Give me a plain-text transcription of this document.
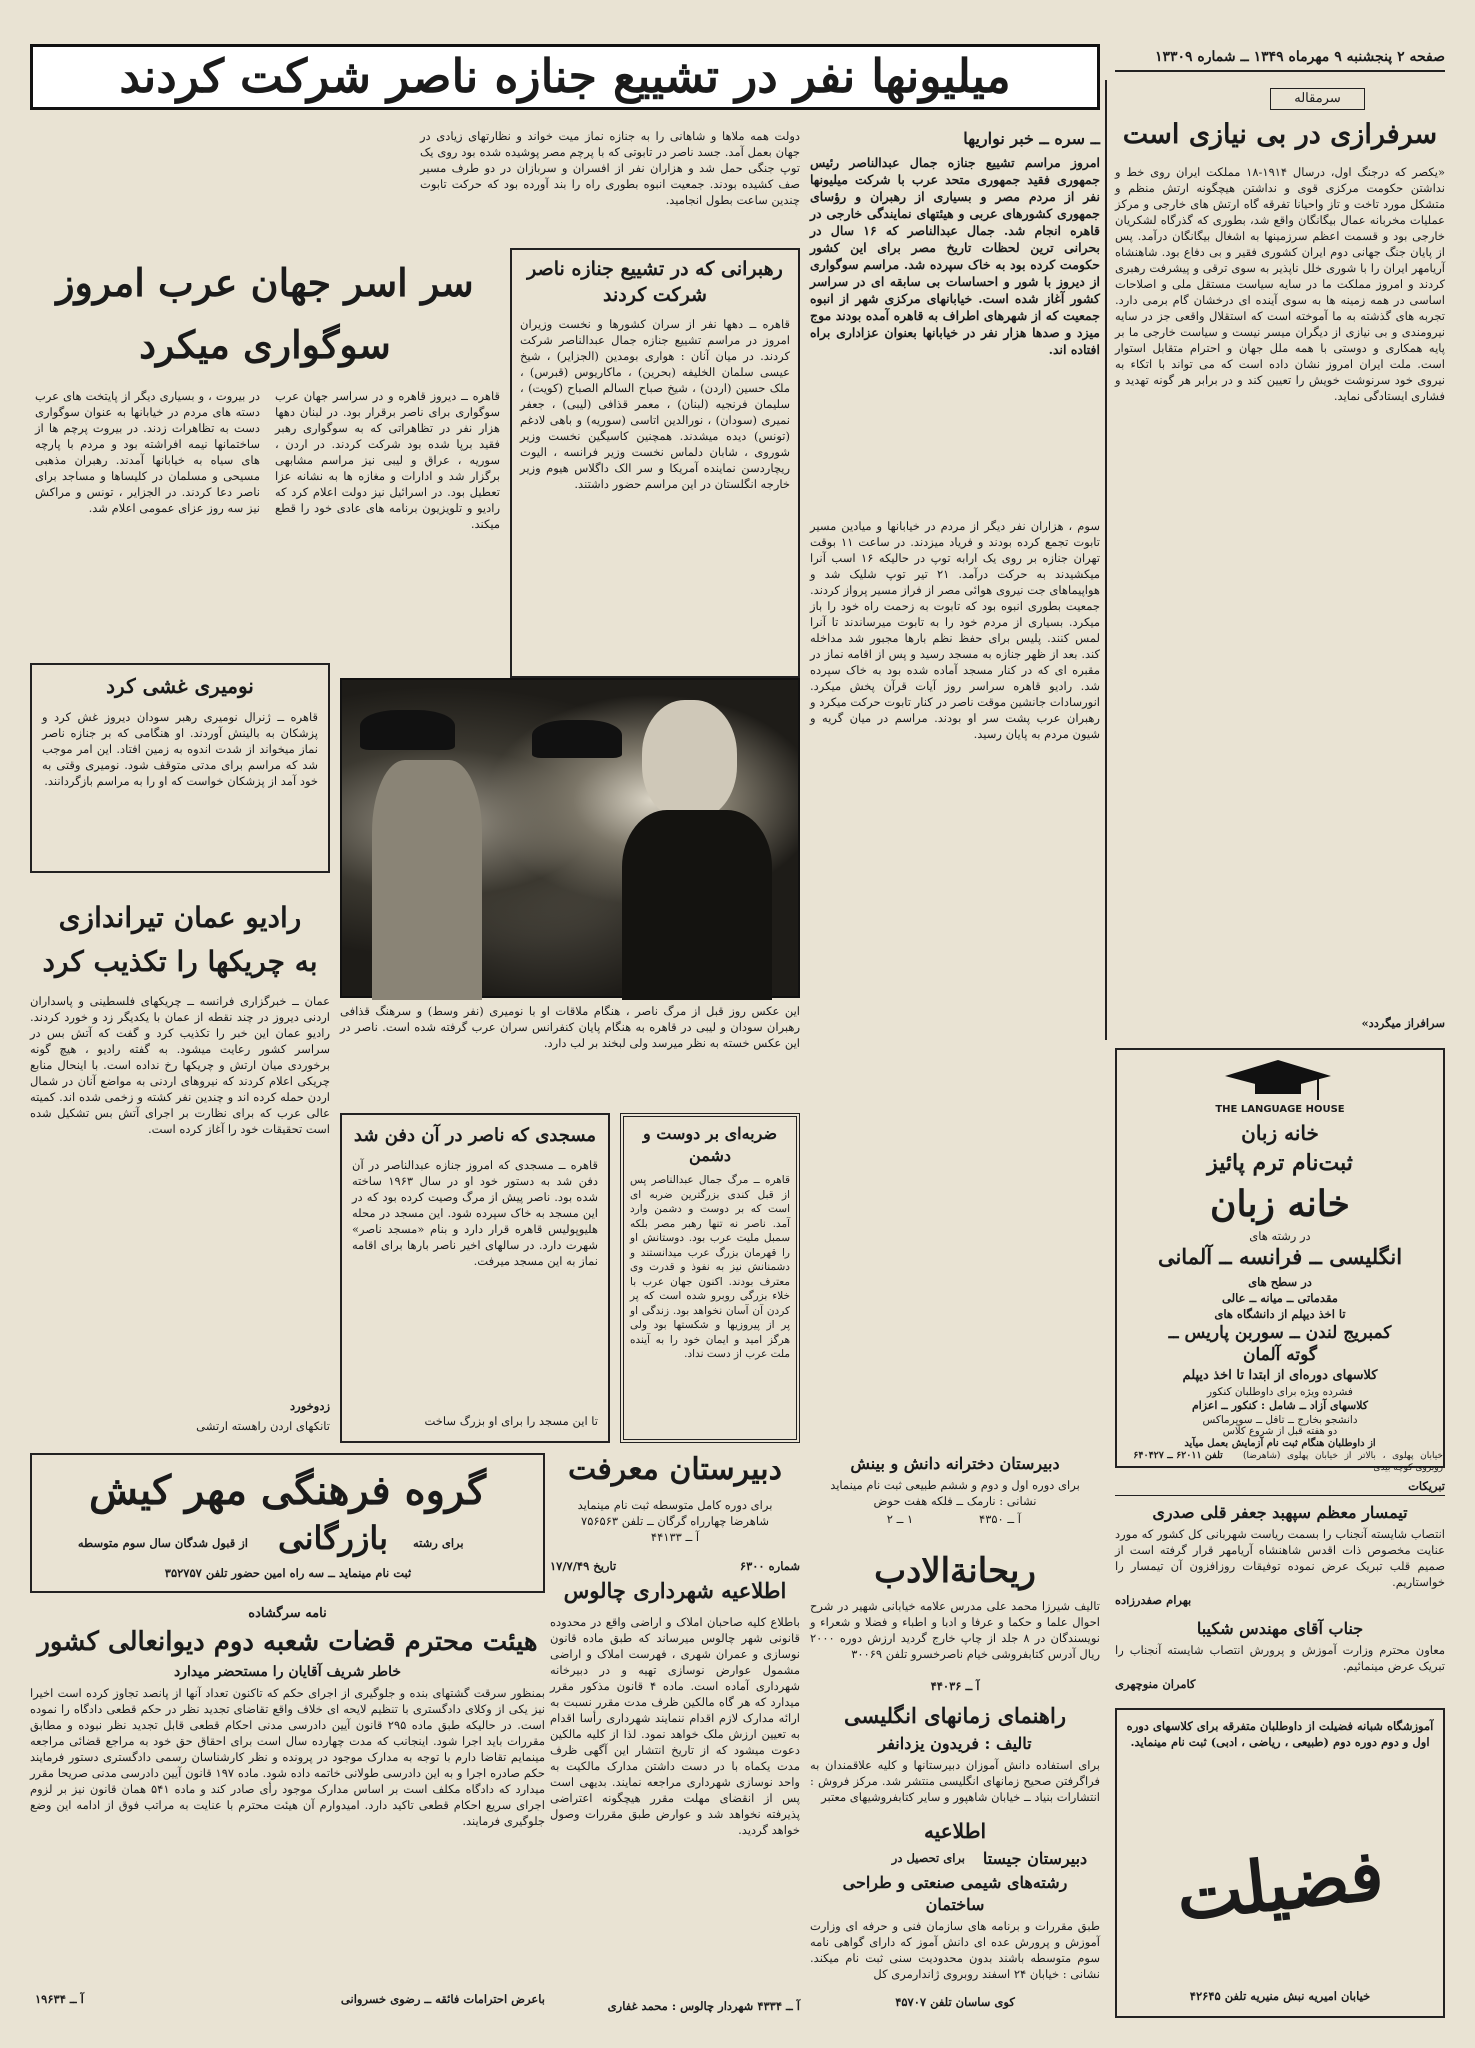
صفحه ۲ پنجشنبه ۹ مهرماه ۱۳۴۹ ــ شماره ۱۳۳۰۹
میلیونها نفر در تشییع جنازه ناصر شرکت کردند	سرمقاله
سرفرازی در بی نیازی است
«یکصر که درجنگ اول، درسال ۱۹۱۴-۱۸ مملکت ایران روی خط و نداشتن حکومت مرکزی قوی و نداشتن هیچگونه ارتش منظم و متشکل مورد تاخت و تاز واحیانا تفرقه گاه ارتش های خارجی و مرکز عملیات مخربانه عمال بیگانگان واقع شد، بطوری که گذرگاه لشکریان خارجی بود و قسمت اعظم سرزمینها به اشغال بیگانگان درآمد. پس از پایان جنگ جهانی دوم ایران کشوری فقیر و بی دفاع بود. شاهنشاه آریامهر ایران را با شوری خلل ناپذیر به سوی ترقی و پیشرفت رهبری کردند و امروز مملکت ما در سایه سیاست مستقل ملی و اصلاحات اساسی در همه زمینه ها به سوی آینده ای درخشان گام برمی دارد. تجربه های گذشته به ما آموخته است که استقلال واقعی جز در سایه نیرومندی و بی نیازی از دیگران میسر نیست و سیاست خارجی ما بر پایه همکاری و دوستی با همه ملل جهان و احترام متقابل استوار است. ملت ایران امروز نشان داده است که می تواند با اتکاء به نیروی خود سرنوشت خویش را تعیین کند و در برابر هر گونه تهدید و فشاری ایستادگی نماید.
سرافراز میگردد»
ــ سره ــ خبر نواریها
امروز مراسم تشییع جنازه جمال عبدالناصر رئیس جمهوری فقید جمهوری متحد عرب با شرکت میلیونها نفر از مردم مصر و بسیاری از رهبران و رؤسای جمهوری کشورهای عربی و هیئتهای نمایندگی خارجی در قاهره انجام شد. جمال عبدالناصر که ۱۶ سال در بحرانی ترین لحظات تاریخ مصر برای این کشور حکومت کرده بود به خاک سپرده شد. مراسم سوگواری از دیروز با شور و احساسات بی سابقه ای در سراسر کشور آغاز شده است. خیابانهای مرکزی شهر از انبوه جمعیت که از شهرهای اطراف به قاهره آمده بودند موج میزد و صدها هزار نفر در خیابانها بعنوان عزاداری براه افتاده اند.
دولت همه ملاها و شاهانی را به جنازه نماز میت خواند و نظارتهای زیادی در جهان بعمل آمد. جسد ناصر در تابوتی که با پرچم مصر پوشیده شده بود روی یک توپ جنگی حمل شد و هزاران نفر از افسران و سربازان در دو طرف مسیر صف کشیده بودند. جمعیت انبوه بطوری راه را بند آورده بود که حرکت تابوت چندین ساعت بطول انجامید.
رهبرانی که در تشییع جنازه ناصر شرکت کردند
قاهره ــ دهها نفر از سران کشورها و نخست وزیران امروز در مراسم تشییع جنازه جمال عبدالناصر شرکت کردند. در میان آنان : هواری بومدین (الجزایر) ، شیخ عیسی سلمان الخلیفه (بحرین) ، ماکاریوس (قبرس) ، ملک حسین (اردن) ، شیخ صباح السالم الصباح (کویت) ، سلیمان فرنجیه (لبنان) ، معمر قذافی (لیبی) ، جعفر نمیری (سودان) ، نورالدین اتاسی (سوریه) و باهی لادغم (تونس) دیده میشدند. همچنین کاسیگین نخست وزیر شوروی ، شابان دلماس نخست وزیر فرانسه ، الیوت ریچاردسن نماینده آمریکا و سر الک داگلاس هیوم وزیر خارجه انگلستان در این مراسم حضور داشتند.
سوم ، هزاران نفر دیگر از مردم در خیابانها و میادین مسیر تابوت تجمع کرده بودند و فریاد میزدند. در ساعت ۱۱ بوقت تهران جنازه بر روی یک ارابه توپ در حالیکه ۱۶ اسب آنرا میکشیدند به حرکت درآمد. ۲۱ تیر توپ شلیک شد و هواپیماهای جت نیروی هوائی مصر از فراز مسیر پرواز کردند. جمعیت بطوری انبوه بود که تابوت به زحمت راه خود را باز میکرد. بسیاری از مردم خود را به تابوت میرساندند تا آنرا لمس کنند. پلیس برای حفظ نظم بارها مجبور شد مداخله کند. بعد از ظهر جنازه به مسجد رسید و پس از اقامه نماز در مقبره ای که در کنار مسجد آماده شده بود به خاک سپرده شد. رادیو قاهره سراسر روز آیات قرآن پخش میکرد. انورسادات جانشین موقت ناصر در کنار تابوت حرکت میکرد و رهبران عرب پشت سر او بودند. مراسم در میان گریه و شیون مردم به پایان رسید.
سر اسر جهان عرب امروز
سوگواری میکرد
قاهره ــ دیروز قاهره و در سراسر جهان عرب سوگواری برای ناصر برقرار بود. در لبنان دهها هزار نفر در تظاهراتی که به سوگواری رهبر فقید برپا شده بود شرکت کردند. در اردن ، سوریه ، عراق و لیبی نیز مراسم مشابهی برگزار شد و ادارات و مغازه ها به نشانه عزا تعطیل بود. در اسرائیل نیز دولت اعلام کرد که رادیو و تلویزیون برنامه های عادی خود را قطع میکند.
در بیروت ، و بسیاری دیگر از پایتخت های عرب دسته های مردم در خیابانها به عنوان سوگواری دست به تظاهرات زدند. در بیروت پرچم ها از ساختمانها نیمه افراشته بود و مردم با پارچه های سیاه به خیابانها آمدند. رهبران مذهبی مسیحی و مسلمان در کلیساها و مساجد برای ناصر دعا کردند. در الجزایر ، تونس و مراکش نیز سه روز عزای عمومی اعلام شد.
نومیری غشی کرد
قاهره ــ ژنرال نومیری رهبر سودان دیروز غش کرد و پزشکان به بالینش آوردند. او هنگامی که بر جنازه ناصر نماز میخواند از شدت اندوه به زمین افتاد. این امر موجب شد که مراسم برای مدتی متوقف شود. نومیری وقتی به خود آمد از پزشکان خواست که او را به مراسم بازگردانند.
این عکس روز قبل از مرگ ناصر ، هنگام ملاقات او با نومیری (نفر وسط) و سرهنگ قذافی رهبران سودان و لیبی در قاهره به هنگام پایان کنفرانس سران عرب گرفته شده است. ناصر در این عکس خسته به نظر میرسد ولی لبخند بر لب دارد.
رادیو عمان تیراندازی
به چریکها را تکذیب کرد
عمان ــ خبرگزاری فرانسه ــ چریکهای فلسطینی و پاسداران اردنی دیروز در چند نقطه از عمان با یکدیگر زد و خورد کردند. رادیو عمان این خبر را تکذیب کرد و گفت که آتش بس در سراسر کشور رعایت میشود. به گفته رادیو ، هیچ گونه برخوردی میان ارتش و چریکها رخ نداده است. با اینحال منابع چریکی اعلام کردند که نیروهای اردنی به مواضع آنان در شمال اردن حمله کرده اند و چندین نفر کشته و زخمی شده اند. کمیته عالی عرب که برای نظارت بر اجرای آتش بس تشکیل شده است تحقیقات خود را آغاز کرده است.
زدوخورد
تانکهای اردن راهسته ارتشی
مسجدی که ناصر در آن دفن شد
قاهره ــ مسجدی که امروز جنازه عبدالناصر در آن دفن شد به دستور خود او در سال ۱۹۶۳ ساخته شده بود. ناصر پیش از مرگ وصیت کرده بود که در این مسجد به خاک سپرده شود. این مسجد در محله هلیوپولیس قاهره قرار دارد و بنام «مسجد ناصر» شهرت دارد. در سالهای اخیر ناصر بارها برای اقامه نماز به این مسجد میرفت.
تا این مسجد را برای او بزرگ ساخت
ضربه‌ای بر دوست و دشمن
قاهره ــ مرگ جمال عبدالناصر پس از قبل کندی بزرگترین ضربه ای است که بر دوست و دشمن وارد آمد. ناصر نه تنها رهبر مصر بلکه سمبل ملیت عرب بود. دوستانش او را قهرمان بزرگ عرب میدانستند و دشمنانش نیز به نفوذ و قدرت وی معترف بودند. اکنون جهان عرب با خلاء بزرگی روبرو شده است که پر کردن آن آسان نخواهد بود. زندگی او پر از پیروزیها و شکستها بود ولی هرگز امید و ایمان خود را به آینده ملت عرب از دست نداد.
THE LANGUAGE HOUSE
خانه زبان
ثبت‌نام ترم پائیز
خانه زبان
در رشته های
انگلیسی ــ فرانسه ــ آلمانی
در سطح های
مقدماتی ــ میانه ــ عالی
تا اخذ دیپلم از دانشگاه های
کمبریج لندن ــ سوربن پاریس ــ
گوته آلمان
کلاسهای دوره‌ای از ابتدا تا اخذ دیپلم
فشرده ویژه برای داوطلبان کنکور
کلاسهای آزاد ــ شامل : کنکور ــ اعزام
دانشجو بخارج ــ تافل ــ سوپرماکس
دو هفته قبل از شروع کلاس
از داوطلبان هنگام ثبت نام آزمایش بعمل میآید
خیابان پهلوی ، بالاتر از خیابان پهلوی (شاهرضا) روبروی کوچه بیدی
تلفن ۶۲۰۱۱ ــ ۶۴۰۴۲۷
گروه فرهنگی مهر کیش
برای رشته
بازرگانی
از قبول شدگان سال سوم متوسطه
ثبت نام مینماید ــ سه راه امین حضور تلفن ۳۵۲۷۵۷
دبیرستان معرفت
برای دوره کامل متوسطه ثبت نام مینماید
شاهرضا چهارراه گرگان ــ تلفن ۷۵۶۵۶۳
آ ــ ۴۴۱۳۳
دبیرستان دخترانه دانش و بینش
برای دوره اول و دوم و ششم طبیعی ثبت نام مینماید
نشانی : نارمک ــ فلکه هفت حوض
آ ــ ۴۳۵۰
۱ ــ ۲
شماره ۶۳۰۰
تاریخ ۱۷/۷/۴۹
اطلاعیه شهرداری چالوس
باطلاع کلیه صاحبان املاک و اراضی واقع در محدوده قانونی شهر چالوس میرساند که طبق ماده قانون نوسازی و عمران شهری ، فهرست املاک و اراضی مشمول عوارض نوسازی تهیه و در دبیرخانه شهرداری آماده است. ماده ۴ قانون مذکور مقرر میدارد که هر گاه مالکین ظرف مدت مقرر نسبت به ارائه مدارک لازم اقدام ننمایند شهرداری رأسا اقدام به تعیین ارزش ملک خواهد نمود. لذا از کلیه مالکین دعوت میشود که از تاریخ انتشار این آگهی ظرف مدت یکماه با در دست داشتن مدارک مالکیت به واحد نوسازی شهرداری مراجعه نمایند. بدیهی است پس از انقضای مهلت مقرر هیچگونه اعتراضی پذیرفته نخواهد شد و عوارض طبق مقررات وصول خواهد گردید.
آ ــ ۴۳۳۴ شهردار چالوس : محمد غفاری
ریحانة‌الادب
تالیف شیرزا محمد علی مدرس علامه خیابانی شهیر در شرح احوال علما و حکما و عرفا و ادبا و اطباء و فضلا و شعراء و نویسندگان در ۸ جلد از چاپ خارج گردید ارزش دوره ۲۰۰۰ ریال آدرس کتابفروشی خیام ناصرخسرو تلفن ۳۰۰۶۹
آ ــ ۴۴۰۳۶
راهنمای زمانهای انگلیسی
تالیف : فریدون یزدانفر
برای استفاده دانش آموزان دبیرستانها و کلیه علاقمندان به فراگرفتن صحیح زمانهای انگلیسی منتشر شد. مرکز فروش : انتشارات بنیاد ــ خیابان شاهپور و سایر کتابفروشیهای معتبر
اطلاعیه
دبیرستان جیستا
برای تحصیل در
رشته‌های شیمی صنعتی و طراحی
ساختمان
طبق مقررات و برنامه های سازمان فنی و حرفه ای وزارت آموزش و پرورش عده ای دانش آموز که دارای گواهی نامه سوم متوسطه باشند بدون محدودیت سنی ثبت نام میکند. نشانی : خیابان ۲۴ اسفند روبروی ژاندارمری کل
کوی ساسان تلفن ۴۵۷۰۷
نامه سرگشاده
هیئت محترم قضات شعبه دوم دیوانعالی کشور
خاطر شریف آقایان را مستحضر میدارد
بمنظور سرقت گشتهای بنده و جلوگیری از اجرای حکم که تاکنون تعداد آنها از پانصد تجاوز کرده است اخیرا نیز یکی از وکلای دادگستری با تنظیم لایحه ای خلاف واقع تقاضای تجدید نظر در حکم قطعی دادگاه را نموده است. در حالیکه طبق ماده ۲۹۵ قانون آیین دادرسی مدنی احکام قطعی قابل تجدید نظر نبوده و مطابق مقررات باید اجرا شود. اینجانب که مدت چهارده سال است برای احقاق حق خود به مراجع قضائی مراجعه مینمایم تقاضا دارم با توجه به مدارک موجود در پرونده و نظر کارشناسان رسمی دادگستری دستور فرمایند حکم صادره اجرا و به این دادرسی طولانی خاتمه داده شود. ماده ۱۹۷ قانون آیین دادرسی مدنی صریحا مقرر میدارد که دادگاه مکلف است بر اساس مدارک موجود رأی صادر کند و ماده ۵۴۱ همان قانون نیز بر لزوم اجرای سریع احکام قطعی تاکید دارد. امیدوارم آن هیئت محترم با عنایت به مراتب فوق از ادامه این وضع جلوگیری فرمایند.
باعرض احترامات فائقه ــ رضوی خسروانی
آ ــ ۱۹۶۳۴
تبریکات
تیمسار معظم سپهبد جعفر قلی صدری
انتصاب شایسته آنجناب را بسمت ریاست شهربانی کل کشور که مورد عنایت مخصوص ذات اقدس شاهنشاه آریامهر قرار گرفته است از صمیم قلب تبریک عرض نموده توفیقات روزافزون آن تیمسار را خواستاریم.
بهرام صفدرزاده
جناب آقای مهندس شکیبا
معاون محترم وزارت آموزش و پرورش انتصاب شایسته آنجناب را تبریک عرض مینمائیم.
کامران منوچهری
آموزشگاه شبانه فضیلت از داوطلبان متفرقه برای کلاسهای دوره اول و دوم دوره دوم (طبیعی ، ریاضی ، ادبی) ثبت نام مینماید.
فضیلت
خیابان امیریه نبش منیریه تلفن ۴۲۶۴۵
